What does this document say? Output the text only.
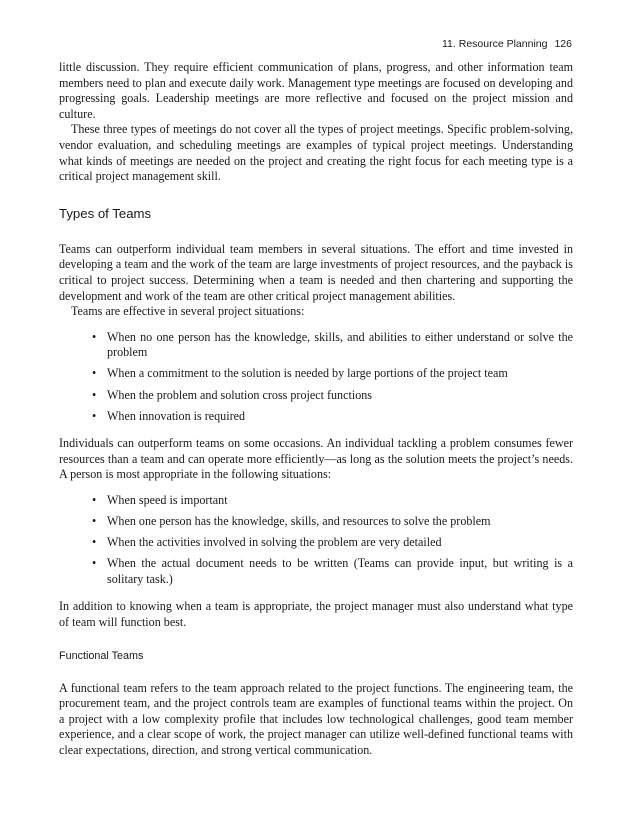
11. Resource Planning 126

little discussion. They require efficient communication of plans, progress, and other information team members need to plan and execute daily work. Management type meetings are focused on developing and progressing goals. Leadership meetings are more reflective and focused on the project mission and culture.

These three types of meetings do not cover all the types of project meetings. Specific problem-solving, vendor evaluation, and scheduling meetings are examples of typical project meetings. Understanding what kinds of meetings are needed on the project and creating the right focus for each meeting type is a critical project management skill.

Types of Teams

Teams can outperform individual team members in several situations. The effort and time invested in developing a team and the work of the team are large investments of project resources, and the payback is critical to project success. Determining when a team is needed and then chartering and supporting the development and work of the team are other critical project management abilities.

Teams are effective in several project situations:

• When no one person has the knowledge, skills, and abilities to either understand or solve the problem
• When a commitment to the solution is needed by large portions of the project team
• When the problem and solution cross project functions
• When innovation is required

Individuals can outperform teams on some occasions. An individual tackling a problem consumes fewer resources than a team and can operate more efficiently—as long as the solution meets the project’s needs. A person is most appropriate in the following situations:

• When speed is important
• When one person has the knowledge, skills, and resources to solve the problem
• When the activities involved in solving the problem are very detailed
• When the actual document needs to be written (Teams can provide input, but writing is a solitary task.)

In addition to knowing when a team is appropriate, the project manager must also understand what type of team will function best.

Functional Teams

A functional team refers to the team approach related to the project functions. The engineering team, the procurement team, and the project controls team are examples of functional teams within the project. On a project with a low complexity profile that includes low technological challenges, good team member experience, and a clear scope of work, the project manager can utilize well-defined functional teams with clear expectations, direction, and strong vertical communication.
